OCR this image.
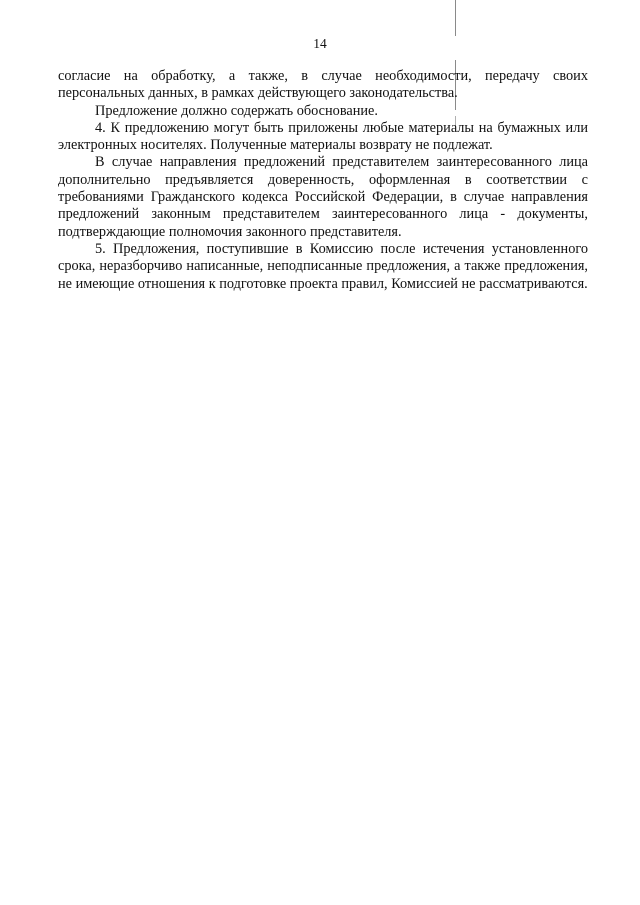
14

согласие на обработку, а также, в случае необходимости, передачу своих персональных данных, в рамках действующего законодательства.

Предложение должно содержать обоснование.

4. К предложению могут быть приложены любые материалы на бумажных или электронных носителях. Полученные материалы возврату не подлежат.

В случае направления предложений представителем заинтересованного лица дополнительно предъявляется доверенность, оформленная в соответствии с требованиями Гражданского кодекса Российской Федерации, в случае направления предложений законным представителем заинтересованного лица - документы, подтверждающие полномочия законного представителя.

5. Предложения, поступившие в Комиссию после истечения установленного срока, неразборчиво написанные, неподписанные предложения, а также предложения, не имеющие отношения к подготовке проекта правил, Комиссией не рассматриваются.
